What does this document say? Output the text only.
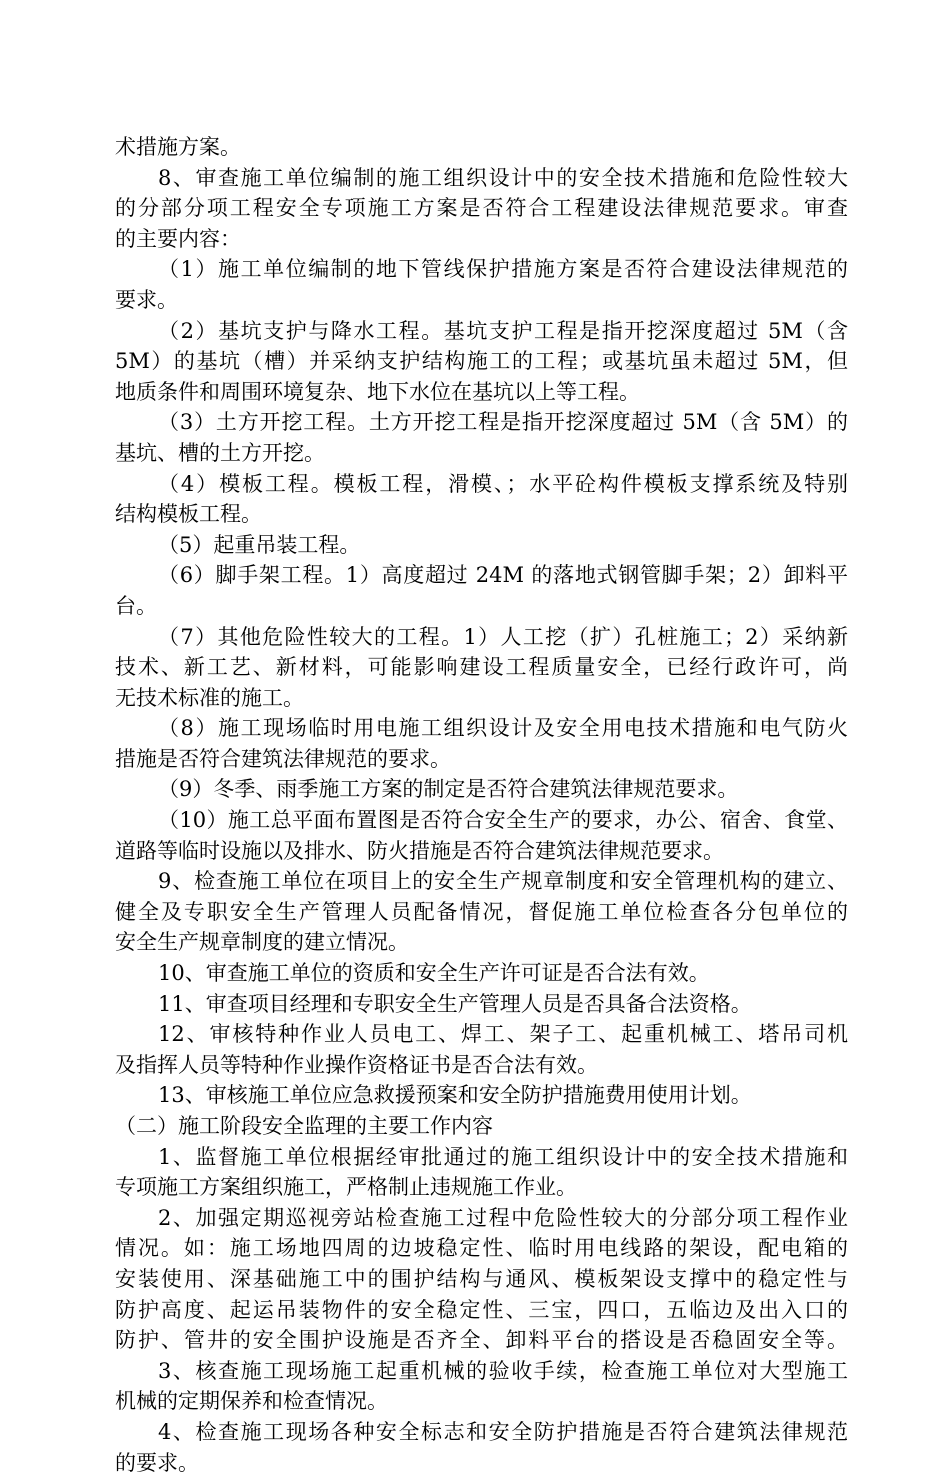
术措施方案。
8、审查施工单位编制的施工组织设计中的安全技术措施和危险性较大
的分部分项工程安全专项施工方案是否符合工程建设法律规范要求。审查
的主要内容：
（1）施工单位编制的地下管线保护措施方案是否符合建设法律规范的
要求。
（2）基坑支护与降水工程。基坑支护工程是指开挖深度超过 5M（含
5M）的基坑（槽）并采纳支护结构施工的工程；或基坑虽未超过 5M，但
地质条件和周围环境复杂、地下水位在基坑以上等工程。
（3）土方开挖工程。土方开挖工程是指开挖深度超过 5M（含 5M）的
基坑、槽的土方开挖。
（4）模板工程。模板工程，滑模、；水平砼构件模板支撑系统及特别
结构模板工程。
（5）起重吊装工程。
（6）脚手架工程。1）高度超过 24M 的落地式钢管脚手架；2）卸料平
台。
（7）其他危险性较大的工程。1）人工挖（扩）孔桩施工；2）采纳新
技术、新工艺、新材料，可能影响建设工程质量安全，已经行政许可，尚
无技术标准的施工。
（8）施工现场临时用电施工组织设计及安全用电技术措施和电气防火
措施是否符合建筑法律规范的要求。
（9）冬季、雨季施工方案的制定是否符合建筑法律规范要求。
（10）施工总平面布置图是否符合安全生产的要求，办公、宿舍、食堂、
道路等临时设施以及排水、防火措施是否符合建筑法律规范要求。
9、检查施工单位在项目上的安全生产规章制度和安全管理机构的建立、
健全及专职安全生产管理人员配备情况，督促施工单位检查各分包单位的
安全生产规章制度的建立情况。
10、审查施工单位的资质和安全生产许可证是否合法有效。
11、审查项目经理和专职安全生产管理人员是否具备合法资格。
12、审核特种作业人员电工、焊工、架子工、起重机械工、塔吊司机
及指挥人员等特种作业操作资格证书是否合法有效。
13、审核施工单位应急救援预案和安全防护措施费用使用计划。
（二）施工阶段安全监理的主要工作内容
1、监督施工单位根据经审批通过的施工组织设计中的安全技术措施和
专项施工方案组织施工，严格制止违规施工作业。
2、加强定期巡视旁站检查施工过程中危险性较大的分部分项工程作业
情况。如：施工场地四周的边坡稳定性、临时用电线路的架设，配电箱的
安装使用、深基础施工中的围护结构与通风、模板架设支撑中的稳定性与
防护高度、起运吊装物件的安全稳定性、三宝，四口，五临边及出入口的
防护、管井的安全围护设施是否齐全、卸料平台的搭设是否稳固安全等。
3、核查施工现场施工起重机械的验收手续，检查施工单位对大型施工
机械的定期保养和检查情况。
4、检查施工现场各种安全标志和安全防护措施是否符合建筑法律规范
的要求。
